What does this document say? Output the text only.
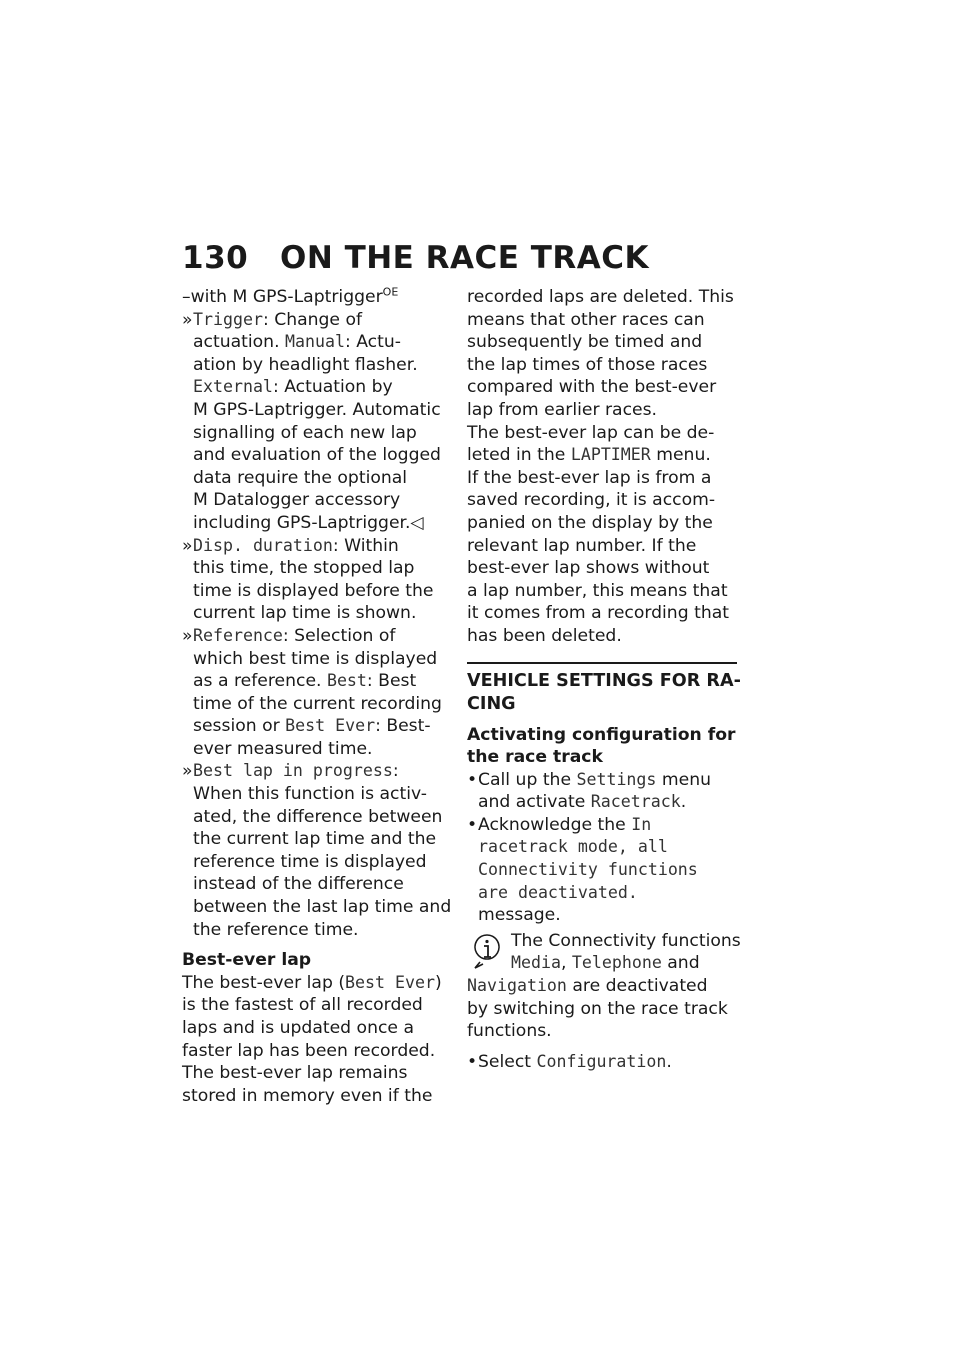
130 ON THE RACE TRACK

–with M GPS-Laptrigger$^{OE}$

»Trigger: Change of

actuation. Manual: Actu-

ation by headlight flasher.

External: Actuation by

M GPS-Laptrigger. Automatic

signalling of each new lap

and evaluation of the logged

data require the optional

M Datalogger accessory

including GPS-Laptrigger.◁

»Disp. duration: Within

this time, the stopped lap

time is displayed before the

current lap time is shown.

»Reference: Selection of

which best time is displayed

as a reference. Best: Best

time of the current recording

session or Best Ever: Best-

ever measured time.

»Best lap in progress:

When this function is activ-

ated, the difference between

the current lap time and the

reference time is displayed

instead of the difference

between the last lap time and

the reference time.

Best-ever lap

The best-ever lap (Best Ever)

is the fastest of all recorded

laps and is updated once a

faster lap has been recorded.

The best-ever lap remains

stored in memory even if the

recorded laps are deleted. This

means that other races can

subsequently be timed and

the lap times of those races

compared with the best-ever

lap from earlier races.

The best-ever lap can be de-

leted in the LAPTIMER menu.

If the best-ever lap is from a

saved recording, it is accom-

panied on the display by the

relevant lap number. If the

best-ever lap shows without

a lap number, this means that

it comes from a recording that

has been deleted.

VEHICLE SETTINGS FOR RA-

CING

Activating configuration for

the race track

•Call up the Settings menu

and activate Racetrack.

•Acknowledge the In

racetrack mode, all

Connectivity functions

are deactivated.

message.

The Connectivity functions

Media, Telephone and

Navigation are deactivated

by switching on the race track

functions.

•Select Configuration.
